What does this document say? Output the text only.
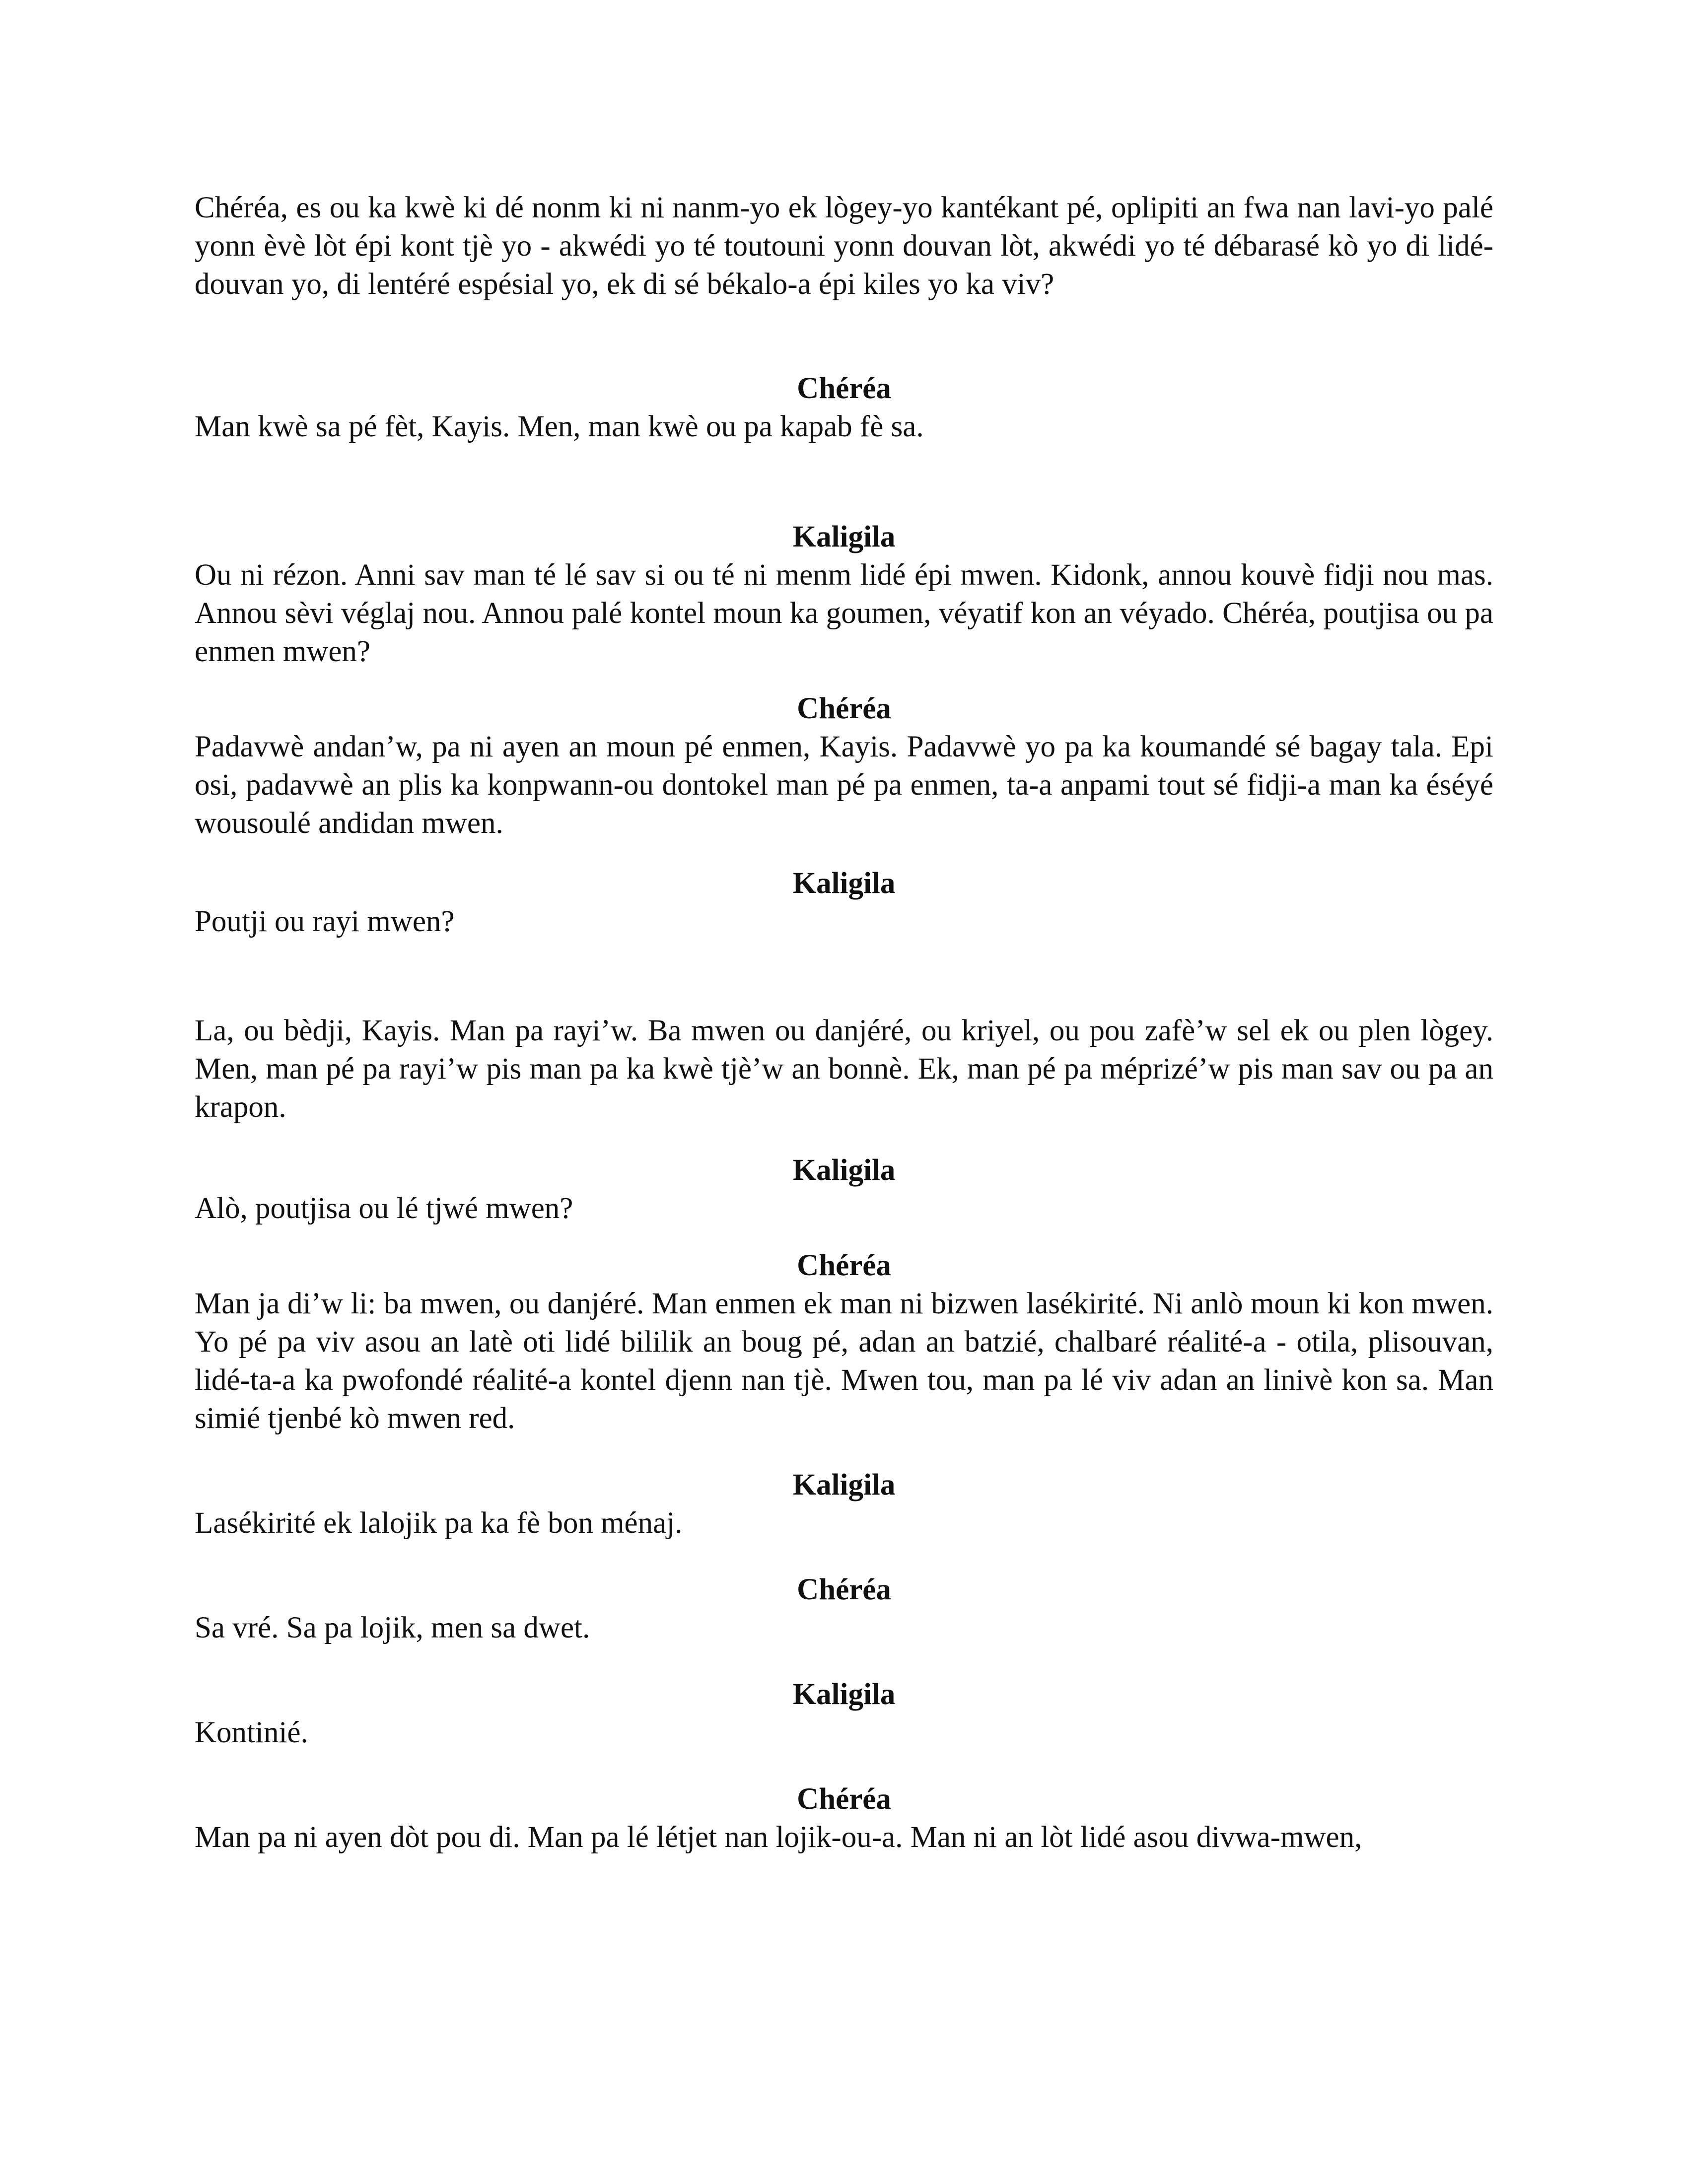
Chéréa, es ou ka kwè ki dé nonm ki ni nanm-yo ek lògey-yo kantékant pé, oplipiti an fwa nan lavi-yo palé yonn èvè lòt épi kont tjè yo - akwédi yo té toutouni yonn douvan lòt, akwédi yo té débarasé kò yo di lidé-douvan yo, di lentéré espésial yo, ek di sé békalo-a épi kiles yo ka viv?

Chéréa

Man kwè sa pé fèt, Kayis. Men, man kwè ou pa kapab fè sa.

Kaligila

Ou ni rézon. Anni sav man té lé sav si ou té ni menm lidé épi mwen. Kidonk, annou kouvè fidji nou mas. Annou sèvi véglaj nou. Annou palé kontel moun ka goumen, véyatif kon an véyado. Chéréa, poutjisa ou pa enmen mwen?

Chéréa

Padavwè andan’w, pa ni ayen an moun pé enmen, Kayis. Padavwè yo pa ka koumandé sé bagay tala. Epi osi, padavwè an plis ka konpwann-ou dontokel man pé pa enmen, ta-a anpami tout sé fidji-a man ka éséyé wousoulé andidan mwen.

Kaligila

Poutji ou rayi mwen?

La, ou bèdji, Kayis. Man pa rayi’w. Ba mwen ou danjéré, ou kriyel, ou pou zafè’w sel ek ou plen lògey. Men, man pé pa rayi’w pis man pa ka kwè tjè’w an bonnè. Ek, man pé pa méprizé’w pis man sav ou pa an krapon.

Kaligila

Alò, poutjisa ou lé tjwé mwen?

Chéréa

Man ja di’w li: ba mwen, ou danjéré. Man enmen ek man ni bizwen lasékirité. Ni anlò moun ki kon mwen. Yo pé pa viv asou an latè oti lidé bililik an boug pé, adan an batzié, chalbaré réalité-a - otila, plisouvan, lidé-ta-a ka pwofondé réalité-a kontel djenn nan tjè. Mwen tou, man pa lé viv adan an linivè kon sa. Man simié tjenbé kò mwen red.

Kaligila

Lasékirité ek lalojik pa ka fè bon ménaj.

Chéréa

Sa vré. Sa pa lojik, men sa dwet.

Kaligila

Kontinié.

Chéréa

Man pa ni ayen dòt pou di. Man pa lé létjet nan lojik-ou-a. Man ni an lòt lidé asou divwa-mwen,
